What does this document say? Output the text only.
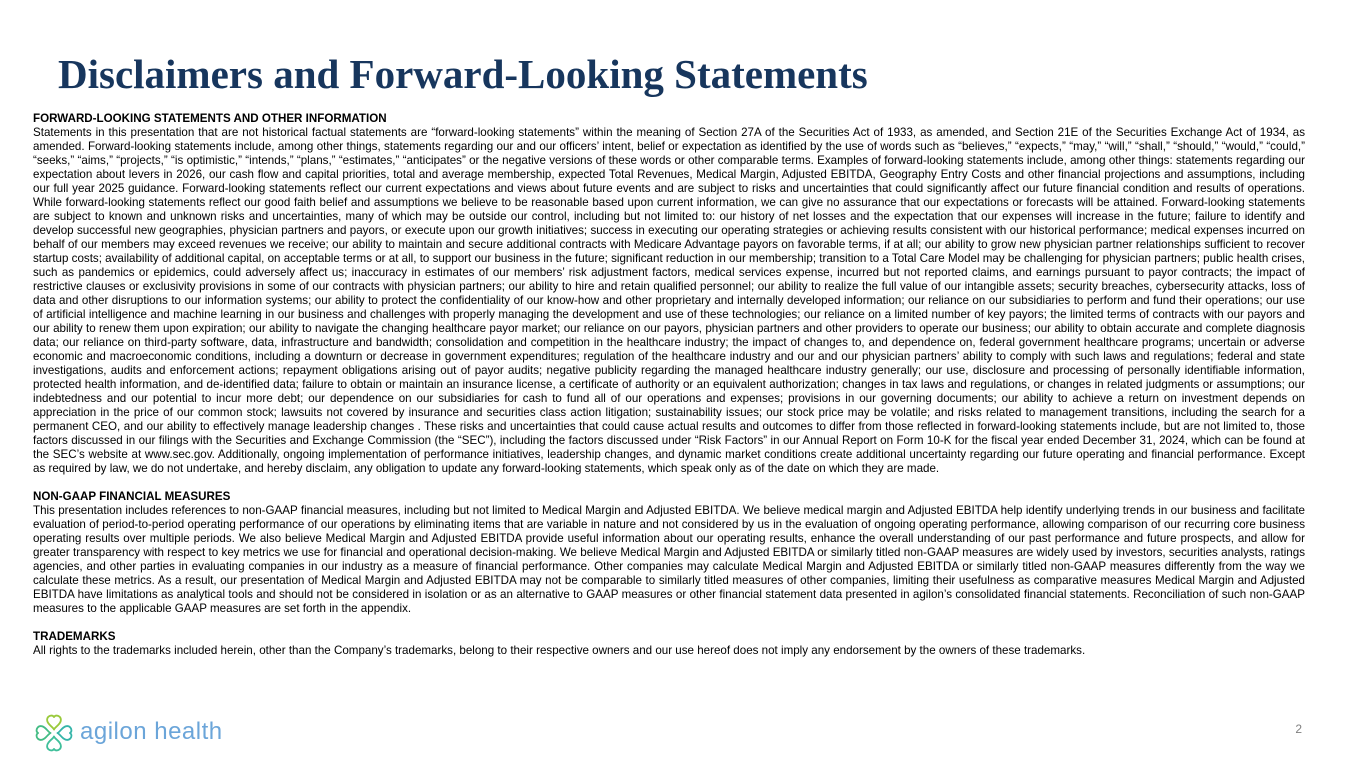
Disclaimers and Forward-Looking Statements
FORWARD-LOOKING STATEMENTS AND OTHER INFORMATION

Statements in this presentation that are not historical factual statements are “forward-looking statements” within the meaning of Section 27A of the Securities Act of 1933, as amended, and Section 21E of the Securities Exchange Act of 1934, as amended. Forward-looking statements include, among other things, statements regarding our and our officers’ intent, belief or expectation as identified by the use of words such as “believes,” “expects,” “may,” “will,” “shall,” “should,” “would,” “could,” “seeks,” “aims,” “projects,” “is optimistic,” “intends,” “plans,” “estimates,” “anticipates” or the negative versions of these words or other comparable terms. Examples of forward-looking statements include, among other things: statements regarding our expectation about levers in 2026, our cash flow and capital priorities, total and average membership, expected Total Revenues, Medical Margin, Adjusted EBITDA, Geography Entry Costs and other financial projections and assumptions, including our full year 2025 guidance. Forward-looking statements reflect our current expectations and views about future events and are subject to risks and uncertainties that could significantly affect our future financial condition and results of operations. While forward-looking statements reflect our good faith belief and assumptions we believe to be reasonable based upon current information, we can give no assurance that our expectations or forecasts will be attained. Forward-looking statements are subject to known and unknown risks and uncertainties, many of which may be outside our control, including but not limited to: our history of net losses and the expectation that our expenses will increase in the future; failure to identify and develop successful new geographies, physician partners and payors, or execute upon our growth initiatives; success in executing our operating strategies or achieving results consistent with our historical performance; medical expenses incurred on behalf of our members may exceed revenues we receive; our ability to maintain and secure additional contracts with Medicare Advantage payors on favorable terms, if at all; our ability to grow new physician partner relationships sufficient to recover startup costs; availability of additional capital, on acceptable terms or at all, to support our business in the future; significant reduction in our membership; transition to a Total Care Model may be challenging for physician partners; public health crises, such as pandemics or epidemics, could adversely affect us; inaccuracy in estimates of our members’ risk adjustment factors, medical services expense, incurred but not reported claims, and earnings pursuant to payor contracts; the impact of restrictive clauses or exclusivity provisions in some of our contracts with physician partners; our ability to hire and retain qualified personnel; our ability to realize the full value of our intangible assets; security breaches, cybersecurity attacks, loss of data and other disruptions to our information systems; our ability to protect the confidentiality of our know-how and other proprietary and internally developed information; our reliance on our subsidiaries to perform and fund their operations; our use of artificial intelligence and machine learning in our business and challenges with properly managing the development and use of these technologies; our reliance on a limited number of key payors; the limited terms of contracts with our payors and our ability to renew them upon expiration; our ability to navigate the changing healthcare payor market; our reliance on our payors, physician partners and other providers to operate our business; our ability to obtain accurate and complete diagnosis data; our reliance on third-party software, data, infrastructure and bandwidth; consolidation and competition in the healthcare industry; the impact of changes to, and dependence on, federal government healthcare programs; uncertain or adverse economic and macroeconomic conditions, including a downturn or decrease in government expenditures; regulation of the healthcare industry and our and our physician partners’ ability to comply with such laws and regulations; federal and state investigations, audits and enforcement actions; repayment obligations arising out of payor audits; negative publicity regarding the managed healthcare industry generally; our use, disclosure and processing of personally identifiable information, protected health information, and de-identified data; failure to obtain or maintain an insurance license, a certificate of authority or an equivalent authorization; changes in tax laws and regulations, or changes in related judgments or assumptions; our indebtedness and our potential to incur more debt; our dependence on our subsidiaries for cash to fund all of our operations and expenses; provisions in our governing documents; our ability to achieve a return on investment depends on appreciation in the price of our common stock; lawsuits not covered by insurance and securities class action litigation; sustainability issues; our stock price may be volatile; and risks related to management transitions, including the search for a permanent CEO, and our ability to effectively manage leadership changes . These risks and uncertainties that could cause actual results and outcomes to differ from those reflected in forward-looking statements include, but are not limited to, those factors discussed in our filings with the Securities and Exchange Commission (the “SEC”), including the factors discussed under “Risk Factors” in our Annual Report on Form 10-K for the fiscal year ended December 31, 2024, which can be found at the SEC’s website at www.sec.gov. Additionally, ongoing implementation of performance initiatives, leadership changes, and dynamic market conditions create additional uncertainty regarding our future operating and financial performance. Except as required by law, we do not undertake, and hereby disclaim, any obligation to update any forward-looking statements, which speak only as of the date on which they are made.

NON-GAAP FINANCIAL MEASURES

This presentation includes references to non-GAAP financial measures, including but not limited to Medical Margin and Adjusted EBITDA. We believe medical margin and Adjusted EBITDA help identify underlying trends in our business and facilitate evaluation of period-to-period operating performance of our operations by eliminating items that are variable in nature and not considered by us in the evaluation of ongoing operating performance, allowing comparison of our recurring core business operating results over multiple periods. We also believe Medical Margin and Adjusted EBITDA provide useful information about our operating results, enhance the overall understanding of our past performance and future prospects, and allow for greater transparency with respect to key metrics we use for financial and operational decision-making. We believe Medical Margin and Adjusted EBITDA or similarly titled non-GAAP measures are widely used by investors, securities analysts, ratings agencies, and other parties in evaluating companies in our industry as a measure of financial performance. Other companies may calculate Medical Margin and Adjusted EBITDA or similarly titled non-GAAP measures differently from the way we calculate these metrics. As a result, our presentation of Medical Margin and Adjusted EBITDA may not be comparable to similarly titled measures of other companies, limiting their usefulness as comparative measures Medical Margin and Adjusted EBITDA have limitations as analytical tools and should not be considered in isolation or as an alternative to GAAP measures or other financial statement data presented in agilon’s consolidated financial statements. Reconciliation of such non-GAAP measures to the applicable GAAP measures are set forth in the appendix.

TRADEMARKS

All rights to the trademarks included herein, other than the Company’s trademarks, belong to their respective owners and our use hereof does not imply any endorsement by the owners of these trademarks.

agilon health	2
